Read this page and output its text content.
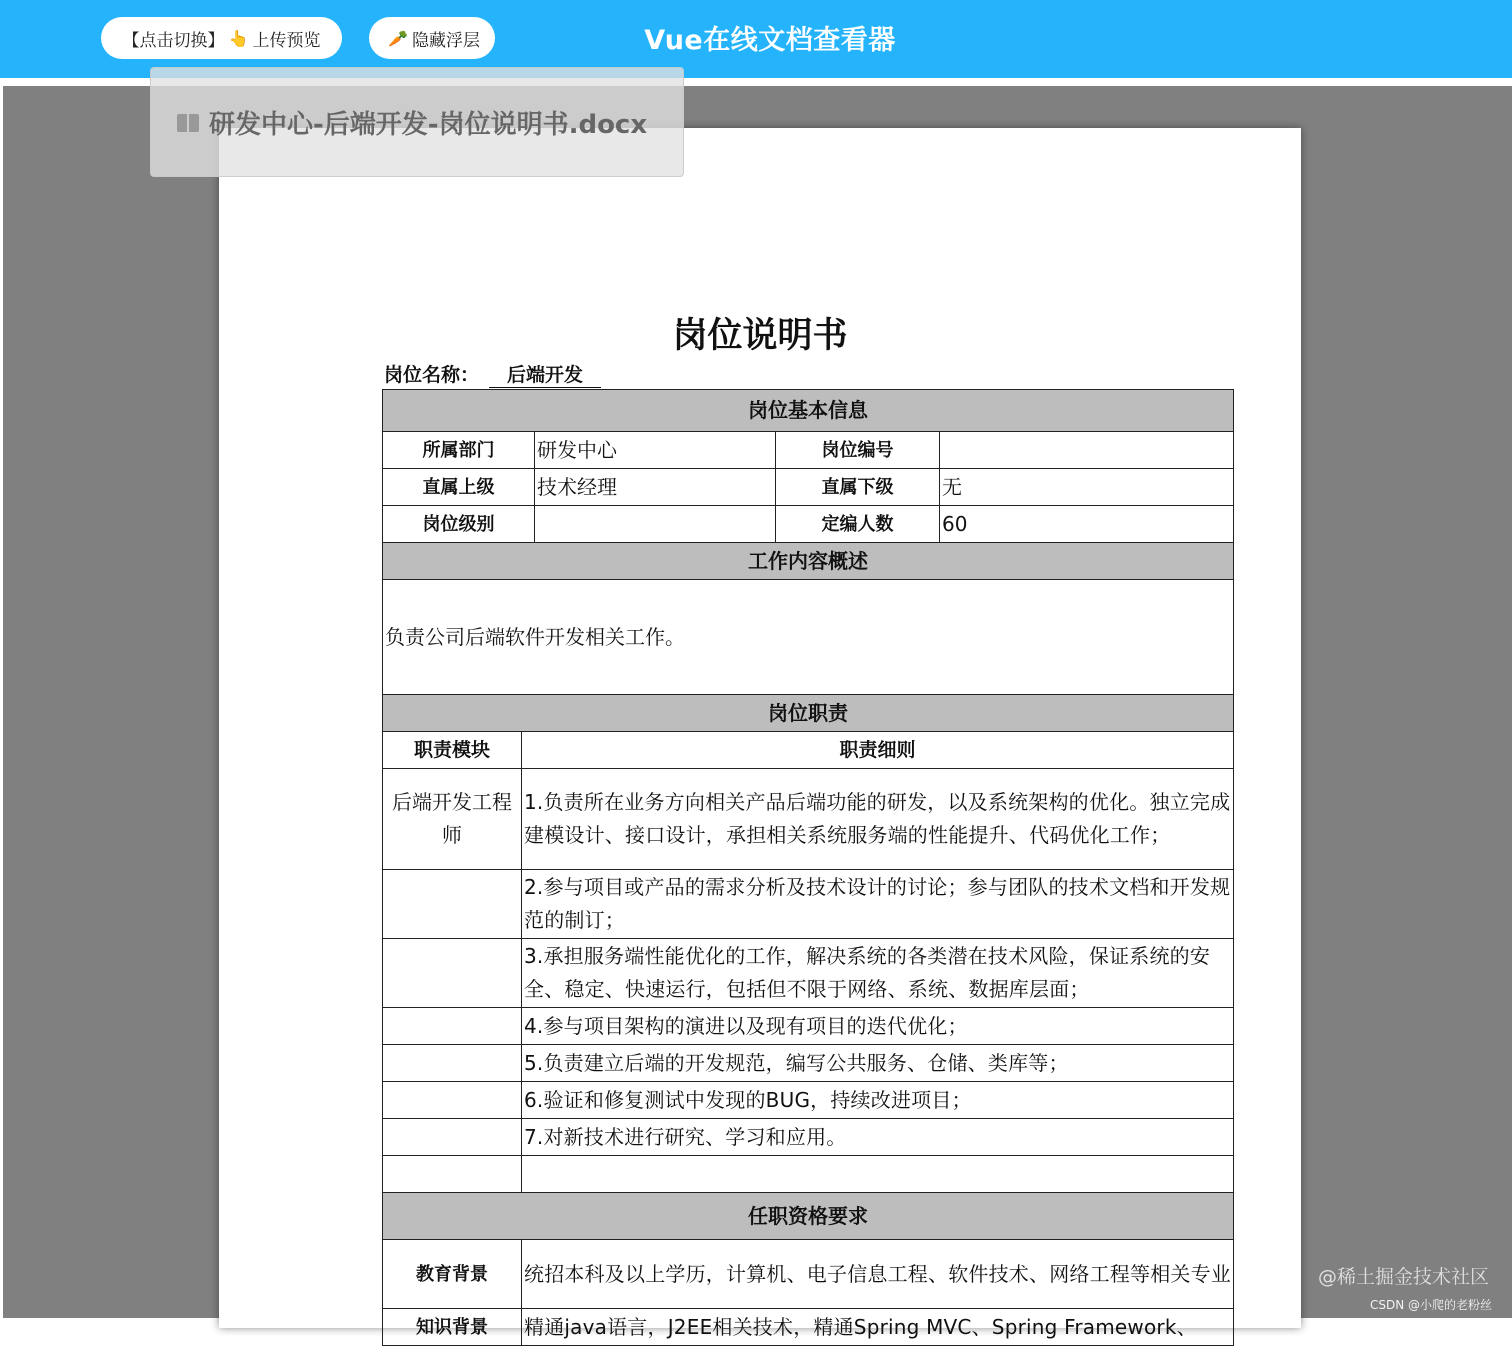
【点击切换】 👆 上传预览	🥕 隐藏浮层	Vue在线文档查看器
岗位说明书
岗位名称： 后端开发
岗位基本信息				
所属部门		研发中心	岗位编号	
直属上级		技术经理	直属下级	无
岗位级别			定编人数	60
工作内容概述				
负责公司后端软件开发相关工作。				
岗位职责				
职责模块	职责细则			
后端开发工程师	1.负责所在业务方向相关产品后端功能的研发，以及系统架构的优化。独立完成建模设计、接口设计，承担相关系统服务端的性能提升、代码优化工作；			
	2.参与项目或产品的需求分析及技术设计的讨论；参与团队的技术文档和开发规范的制订；			
	3.承担服务端性能优化的工作，解决系统的各类潜在技术风险，保证系统的安全、稳定、快速运行，包括但不限于网络、系统、数据库层面；			
	4.参与项目架构的演进以及现有项目的迭代优化；			
	5.负责建立后端的开发规范，编写公共服务、仓储、类库等；			
	6.验证和修复测试中发现的BUG，持续改进项目；			
	7.对新技术进行研究、学习和应用。			

任职资格要求				
教育背景	统招本科及以上学历，计算机、电子信息工程、软件技术、网络工程等相关专业			
知识背景	精通java语言，J2EE相关技术，精通Spring MVC、Spring Framework、			
@稀土掘金技术社区
CSDN @小爬的老粉丝
研发中心-后端开发-岗位说明书.docx
